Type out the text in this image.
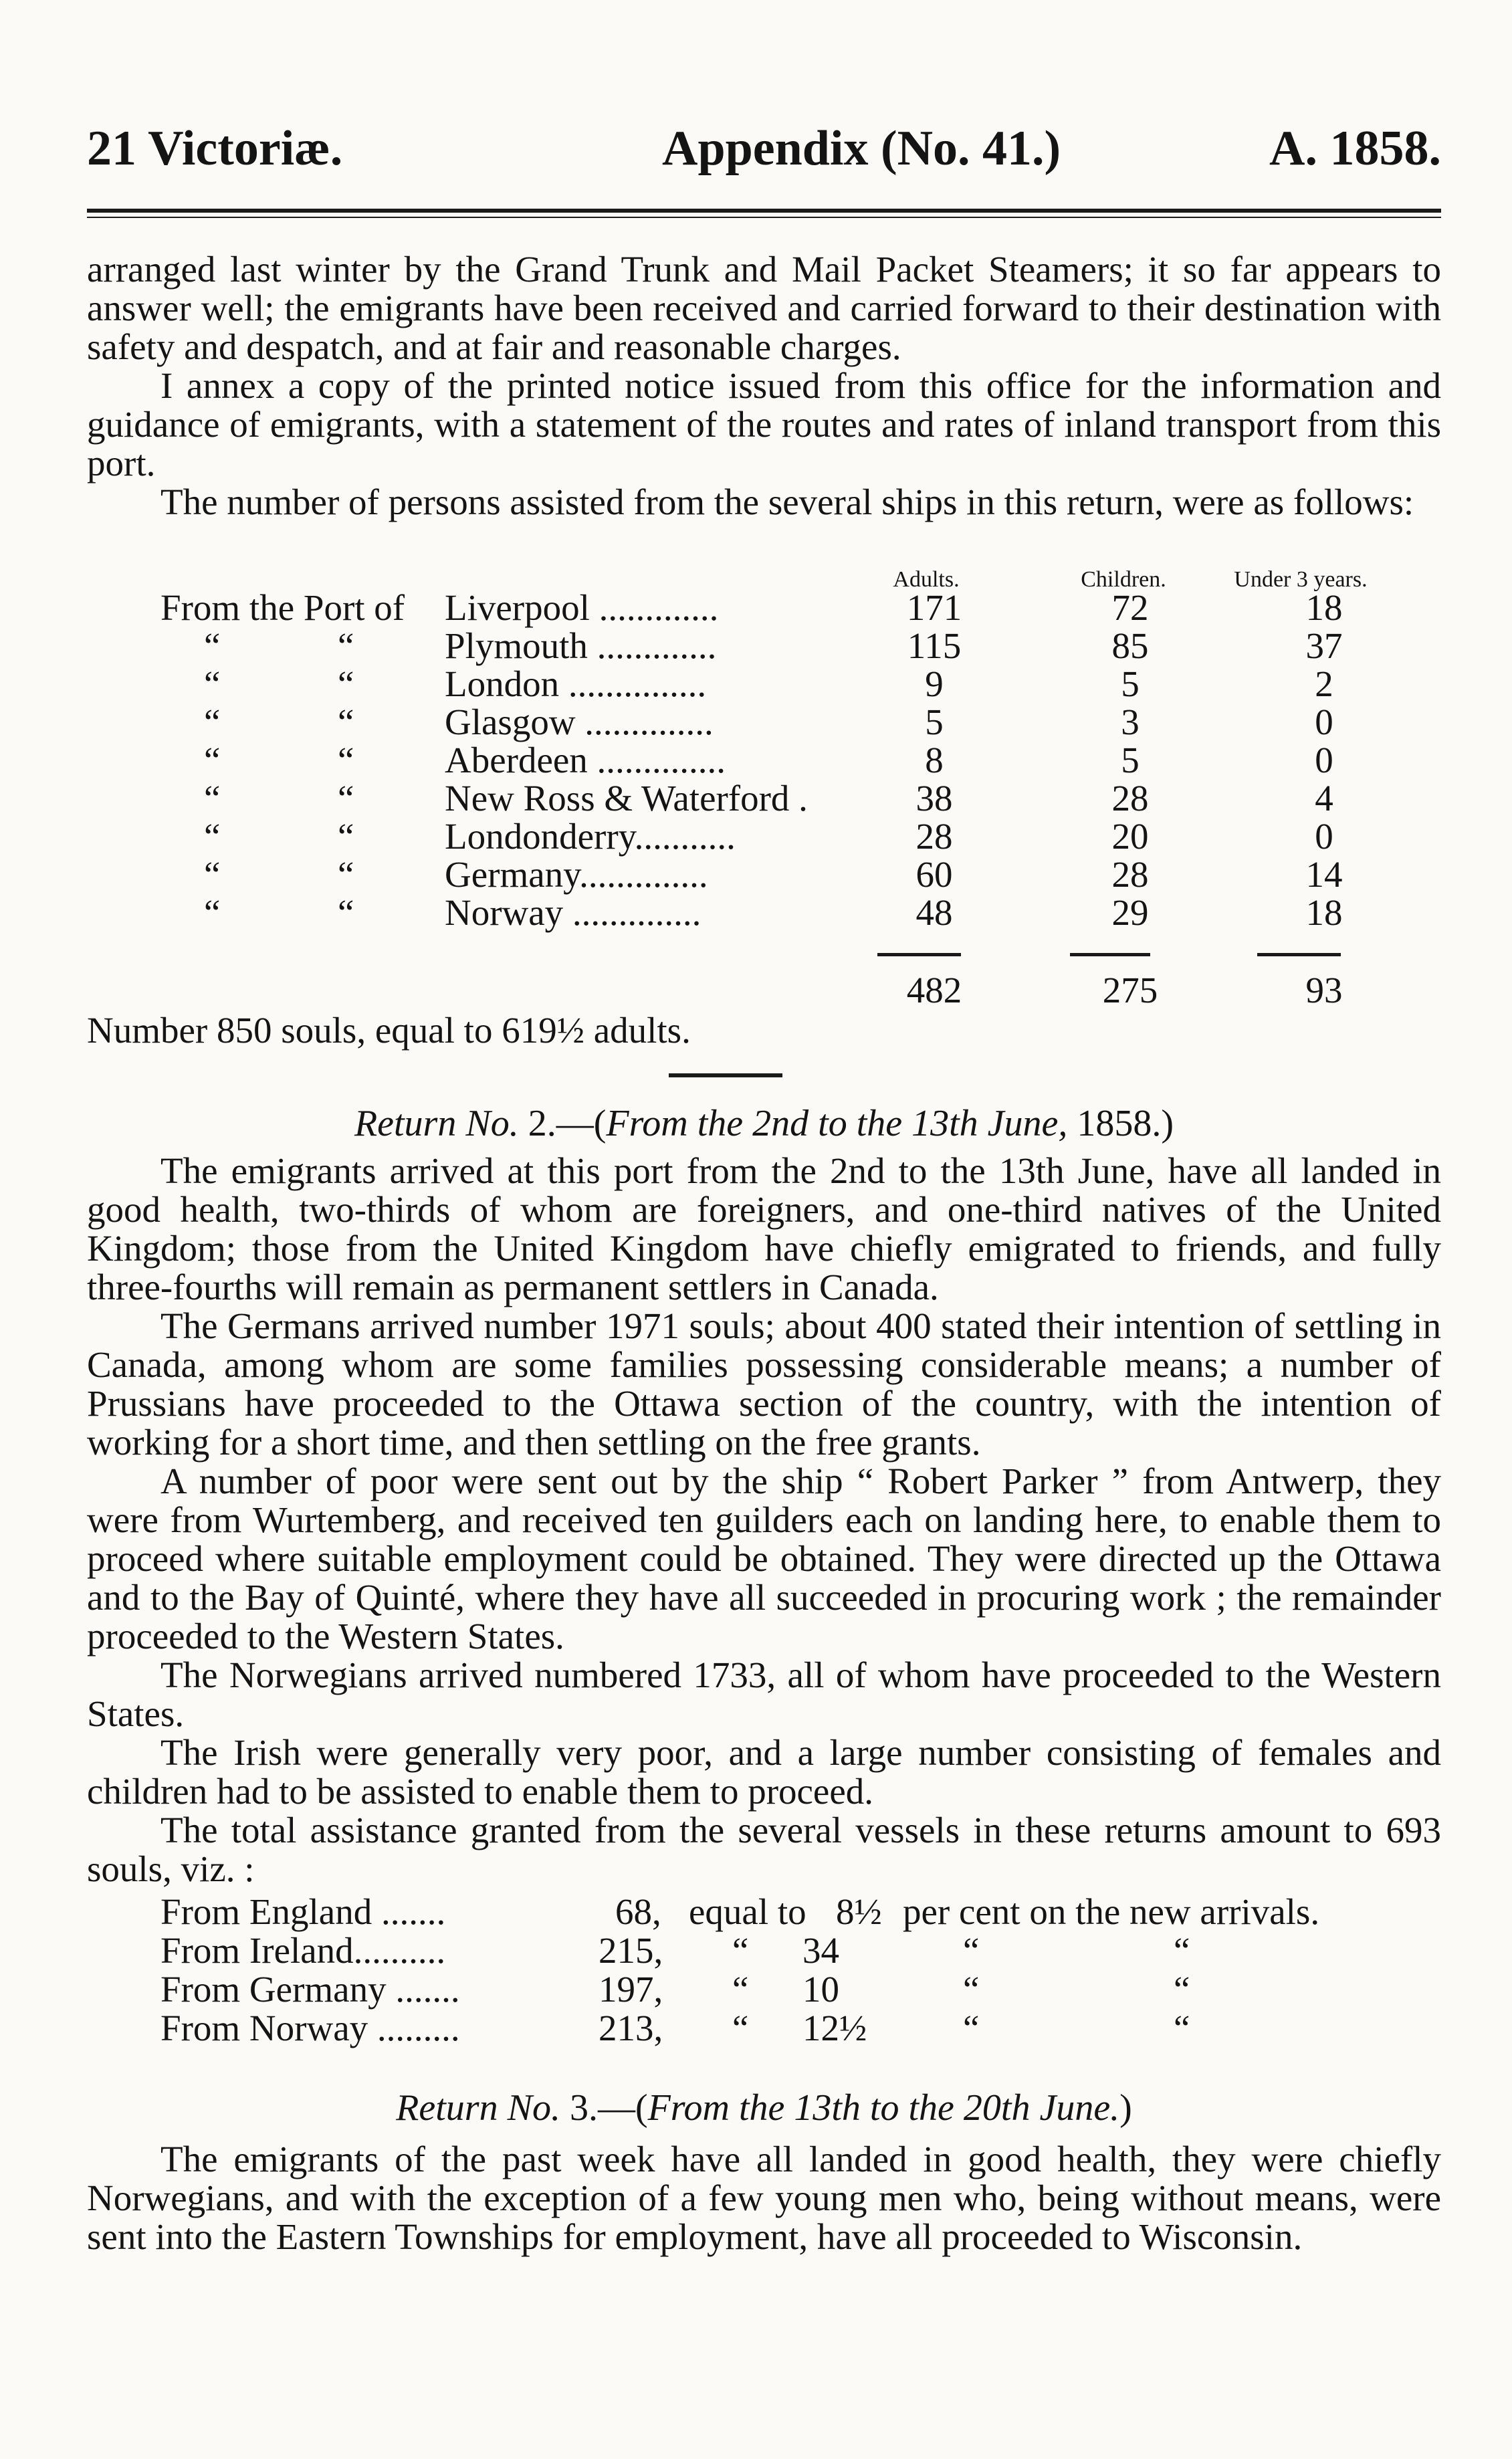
21 Victoriæ.	Appendix (No. 41.)	A. 1858.

arranged last winter by the Grand Trunk and Mail Packet Steamers; it so far appears to answer well; the emigrants have been received and carried forward to their destination with safety and despatch, and at fair and reasonable charges.

I annex a copy of the printed notice issued from this office for the information and guidance of emigrants, with a statement of the routes and rates of inland transport from this port.

The number of persons assisted from the several ships in this return, were as follows:

Adults.	Children.	Under 3 years.
From the Port of Liverpool .............	171	72	18
“	“ Plymouth .............	115	85	37
“	“ London ...............	9	5	2
“	“ Glasgow ..............	5	3	0
“	“ Aberdeen ..............	8	5	0
“	“ New Ross & Waterford .	38	28	4
“	“ Londonderry...........	28	20	0
“	“ Germany..............	60	28	14
“	“ Norway ..............	48	29	18
482	275	93

Number 850 souls, equal to 619½ adults.

Return No. 2.—(From the 2nd to the 13th June, 1858.)

The emigrants arrived at this port from the 2nd to the 13th June, have all landed in good health, two-thirds of whom are foreigners, and one-third natives of the United Kingdom; those from the United Kingdom have chiefly emigrated to friends, and fully three-fourths will remain as permanent settlers in Canada.

The Germans arrived number 1971 souls; about 400 stated their intention of settling in Canada, among whom are some families possessing considerable means; a number of Prussians have proceeded to the Ottawa section of the country, with the intention of working for a short time, and then settling on the free grants.

A number of poor were sent out by the ship “ Robert Parker ” from Antwerp, they were from Wurtemberg, and received ten guilders each on landing here, to enable them to proceed where suitable employment could be obtained. They were directed up the Ottawa and to the Bay of Quinté, where they have all succeeded in procuring work ; the remainder proceeded to the Western States.

The Norwegians arrived numbered 1733, all of whom have proceeded to the Western States.

The Irish were generally very poor, and a large number consisting of females and children had to be assisted to enable them to proceed.

The total assistance granted from the several vessels in these returns amount to 693 souls, viz. :

From England .......	68, equal to 8½ per cent on the new arrivals.
From Ireland..........	215, “ 34	“	“
From Germany .......	197, “ 10	“	“
From Norway .........	213, “ 12½	“	“
Return No. 3.—(From the 13th to the 20th June.)

The emigrants of the past week have all landed in good health, they were chiefly Norwegians, and with the exception of a few young men who, being without means, were sent into the Eastern Townships for employment, have all proceeded to Wisconsin.
